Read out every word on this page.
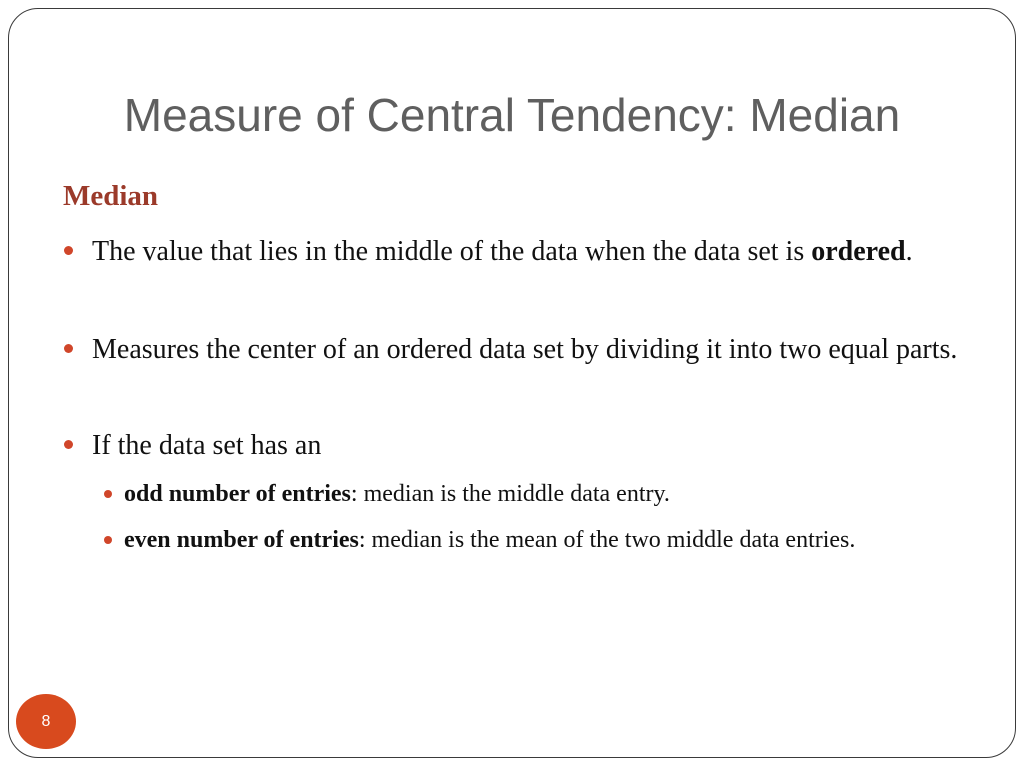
Measure of Central Tendency: Median
Median
The value that lies in the middle of the data when the data set is ordered.
Measures the center of an ordered data set by dividing it into two equal parts.
If the data set has an
odd number of entries: median is the middle data entry.
even number of entries: median is the mean of the two middle data entries.
8
